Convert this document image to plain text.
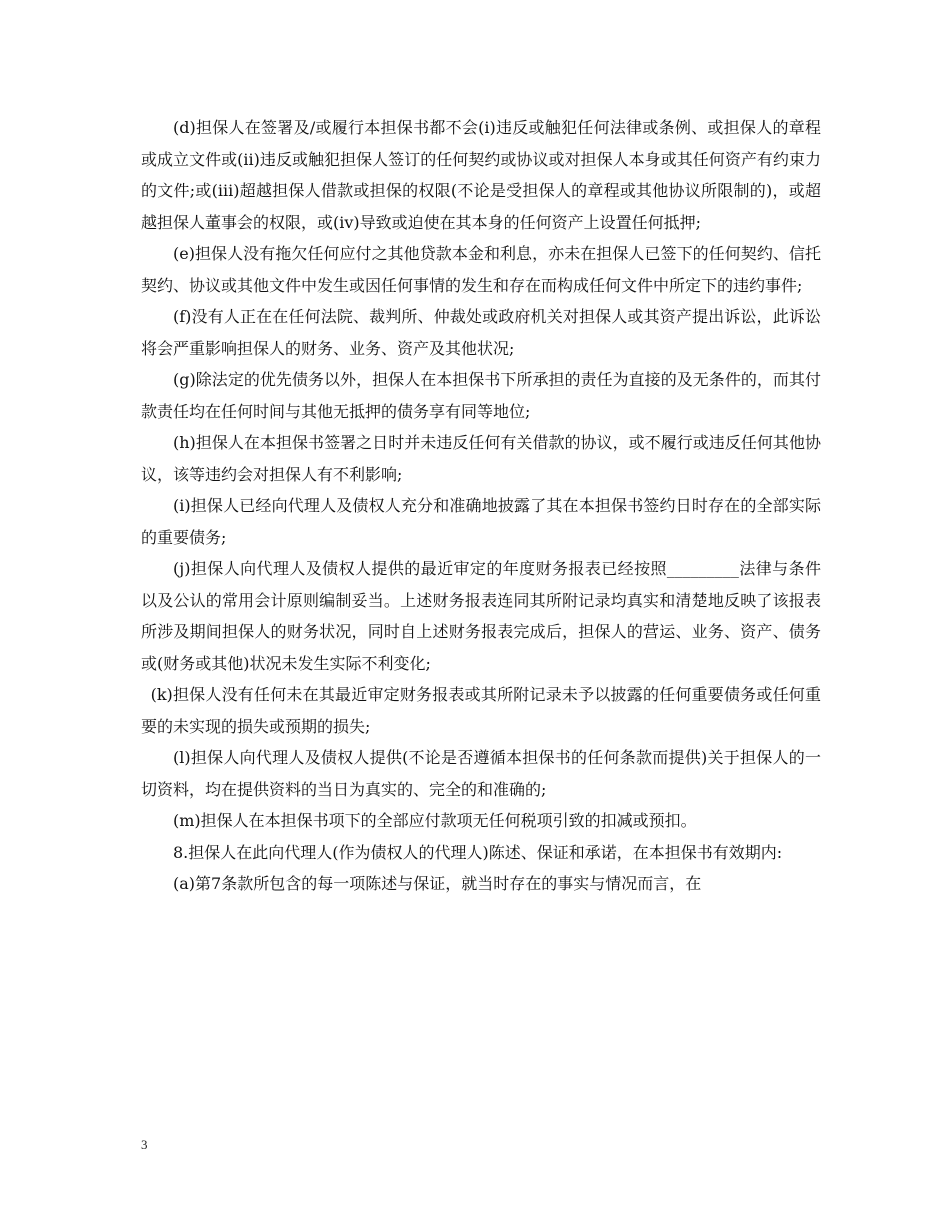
(d)担保人在签署及/或履行本担保书都不会(i)违反或触犯任何法律或条例、或担保人的章程或成立文件或(ii)违反或触犯担保人签订的任何契约或协议或对担保人本身或其任何资产有约束力的文件;或(iii)超越担保人借款或担保的权限(不论是受担保人的章程或其他协议所限制的)，或超越担保人董事会的权限，或(iv)导致或迫使在其本身的任何资产上设置任何抵押;

(e)担保人没有拖欠任何应付之其他贷款本金和利息，亦未在担保人已签下的任何契约、信托契约、协议或其他文件中发生或因任何事情的发生和存在而构成任何文件中所定下的违约事件;

(f)没有人正在在任何法院、裁判所、仲裁处或政府机关对担保人或其资产提出诉讼，此诉讼将会严重影响担保人的财务、业务、资产及其他状况;

(g)除法定的优先债务以外，担保人在本担保书下所承担的责任为直接的及无条件的，而其付款责任均在任何时间与其他无抵押的债务享有同等地位;

(h)担保人在本担保书签署之日时并未违反任何有关借款的协议，或不履行或违反任何其他协议，该等违约会对担保人有不利影响;

(i)担保人已经向代理人及债权人充分和准确地披露了其在本担保书签约日时存在的全部实际的重要债务;

(j)担保人向代理人及债权人提供的最近审定的年度财务报表已经按照_________法律与条件以及公认的常用会计原则编制妥当。上述财务报表连同其所附记录均真实和清楚地反映了该报表所涉及期间担保人的财务状况，同时自上述财务报表完成后，担保人的营运、业务、资产、债务或(财务或其他)状况未发生实际不利变化;

(k)担保人没有任何未在其最近审定财务报表或其所附记录未予以披露的任何重要债务或任何重要的未实现的损失或预期的损失;

(l)担保人向代理人及债权人提供(不论是否遵循本担保书的任何条款而提供)关于担保人的一切资料，均在提供资料的当日为真实的、完全的和准确的;

(m)担保人在本担保书项下的全部应付款项无任何税项引致的扣减或预扣。

8.担保人在此向代理人(作为债权人的代理人)陈述、保证和承诺，在本担保书有效期内:

(a)第7条款所包含的每一项陈述与保证，就当时存在的事实与情况而言，在

3
